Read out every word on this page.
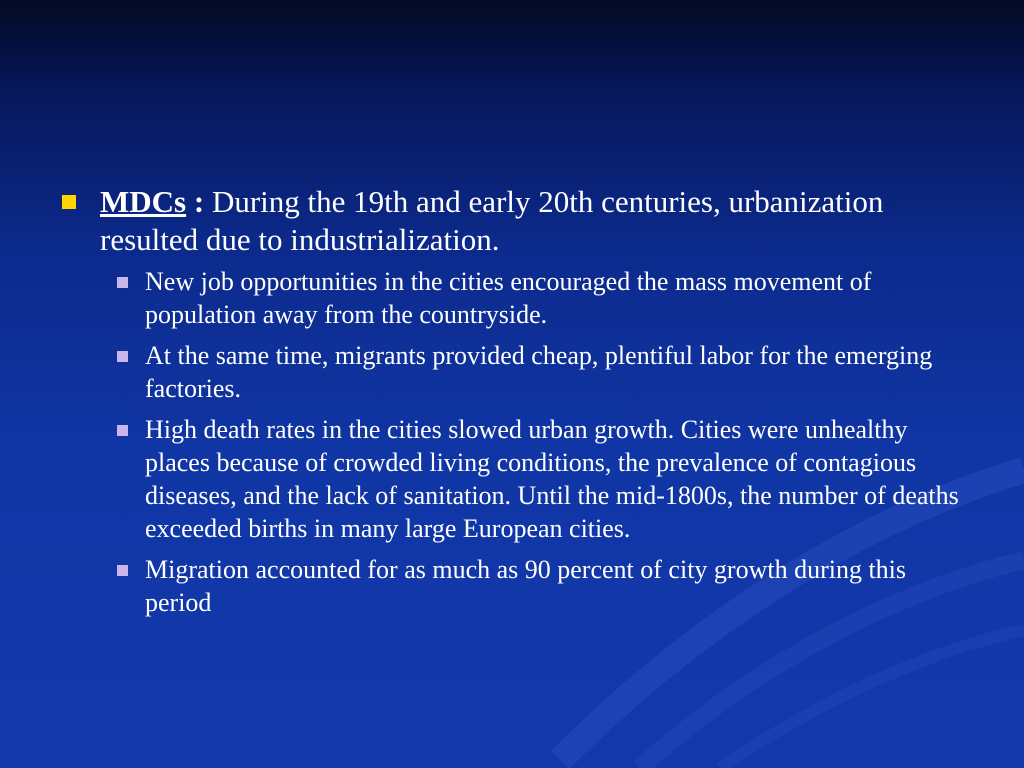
MDCs : During the 19th and early 20th centuries, urbanization resulted due to industrialization.
New job opportunities in the cities encouraged the mass movement of population away from the countryside.
At the same time, migrants provided cheap, plentiful labor for the emerging factories.
High death rates in the cities slowed urban growth. Cities were unhealthy places because of crowded living conditions, the prevalence of contagious diseases, and the lack of sanitation. Until the mid-1800s, the number of deaths exceeded births in many large European cities.
Migration accounted for as much as 90 percent of city growth during this period
